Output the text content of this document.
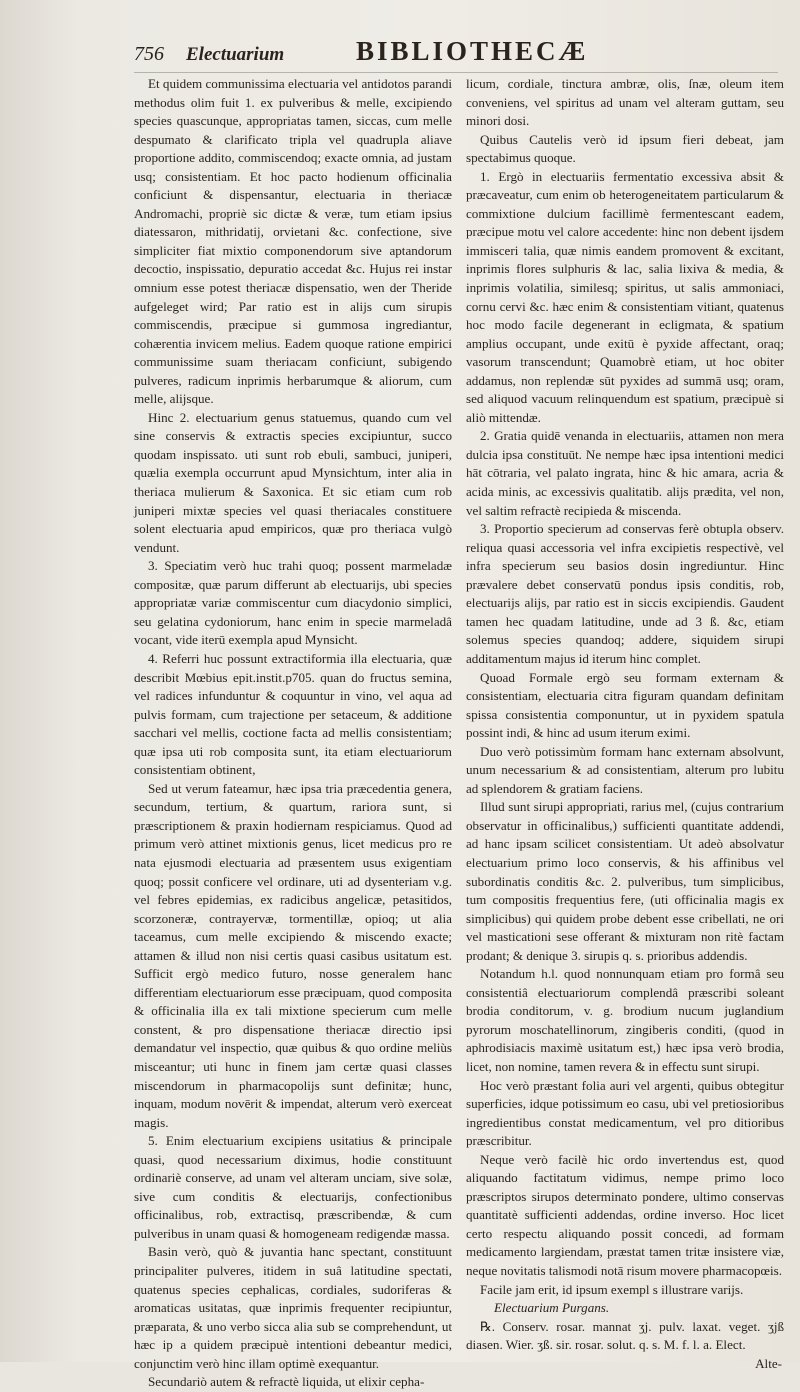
756	Electuarium	BIBLIOTHECÆ

Et quidem communissima electuaria vel antidotos parandi methodus olim fuit 1. ex pulveribus & melle, excipiendo species quascunque, appropriatas tamen, siccas, cum melle despumato & clarificato tripla vel quadrupla aliave proportione addito, commiscendoq; exacte omnia, ad justam usq; consistentiam. Et hoc pacto hodienum officinalia conficiunt & dispensantur, electuaria in theriacæ Andromachi, propriè sic dictæ & veræ, tum etiam ipsius diatessaron, mithridatij, orvietani &c. confectione, sive simpliciter fiat mixtio componendorum sive aptandorum decoctio, inspissatio, depuratio accedat &c. Hujus rei instar omnium esse potest theriacæ dispensatio, wen der Theride aufgeleget wird; Par ratio est in alijs cum sirupis commiscendis, præcipue si gummosa ingrediantur, cohærentia invicem melius. Eadem quoque ratione empirici communissime suam theriacam conficiunt, subigendo pulveres, radicum inprimis herbarumque & aliorum, cum melle, alijsque.

Hinc 2. electuarium genus statuemus, quando cum vel sine conservis & extractis species excipiuntur, succo quodam inspissato. uti sunt rob ebuli, sambuci, juniperi, quælia exempla occurrunt apud Mynsichtum, inter alia in theriaca mulierum & Saxonica. Et sic etiam cum rob juniperi mixtæ species vel quasi theriacales constituere solent electuaria apud empiricos, quæ pro theriaca vulgò vendunt.

3. Speciatim verò huc trahi quoq; possent marmeladæ compositæ, quæ parum differunt ab electuarijs, ubi species appropriatæ variæ commiscentur cum diacydonio simplici, seu gelatina cydoniorum, hanc enim in specie marmeladâ vocant, vide iterū exempla apud Mynsicht.

4. Referri huc possunt extractiformia illa electuaria, quæ describit Mœbius epit.instit.p705. quan do fructus semina, vel radices infunduntur & coquuntur in vino, vel aqua ad pulvis formam, cum trajectione per setaceum, & additione sacchari vel mellis, coctione facta ad mellis consistentiam; quæ ipsa uti rob composita sunt, ita etiam electuariorum consistentiam obtinent,

Sed ut verum fateamur, hæc ipsa tria præcedentia genera, secundum, tertium, & quartum, rariora sunt, si præscriptionem & praxin hodiernam respiciamus. Quod ad primum verò attinet mixtionis genus, licet medicus pro re nata ejusmodi electuaria ad præsentem usus exigentiam quoq; possit conficere vel ordinare, uti ad dysenteriam v.g. vel febres epidemias, ex radicibus angelicæ, petasitidos, scorzoneræ, contrayervæ, tormentillæ, opioq; ut alia taceamus, cum melle excipiendo & miscendo exacte; attamen & illud non nisi certis quasi casibus usitatum est. Sufficit ergò medico futuro, nosse generalem hanc differentiam electuariorum esse præcipuam, quod composita & officinalia illa ex tali mixtione specierum cum melle constent, & pro dispensatione theriacæ directio ipsi demandatur vel inspectio, quæ quibus & quo ordine meliùs misceantur; uti hunc in finem jam certæ quasi classes miscendorum in pharmacopolijs sunt definitæ; hunc, inquam, modum novērit & impendat, alterum verò exerceat magis.

5. Enim electuarium excipiens usitatius & principale quasi, quod necessarium diximus, hodie constituunt ordinariè conserve, ad unam vel alteram unciam, sive solæ, sive cum conditis & electuarijs, confectionibus officinalibus, rob, extractisq, præscribendæ, & cum pulveribus in unam quasi & homogeneam redigendæ massa.

Basin verò, quò & juvantia hanc spectant, constituunt principaliter pulveres, itidem in suâ latitudine spectati, quatenus species cephalicas, cordiales, sudoriferas & aromaticas usitatas, quæ inprimis frequenter recipiuntur, præparata, & uno verbo sicca alia sub se comprehendunt, ut hæc ip a quidem præcipuè intentioni debeantur medici, conjunctim verò hinc illam optimè exequantur.

Secundariò autem & refractè liquida, ut elixir cepha-

licum, cordiale, tinctura ambræ, olis, ſnæ, oleum item conveniens, vel spiritus ad unam vel alteram guttam, seu minori dosi.

Quibus Cautelis verò id ipsum fieri debeat, jam spectabimus quoque.

1. Ergò in electuariis fermentatio excessiva absit & præcaveatur, cum enim ob heterogeneitatem particularum & commixtione dulcium facillimè fermentescant eadem, præcipue motu vel calore accedente: hinc non debent ijsdem immisceri talia, quæ nimis eandem promovent & excitant, inprimis flores sulphuris & lac, salia lixiva & media, & inprimis volatilia, similesq; spiritus, ut salis ammoniaci, cornu cervi &c. hæc enim & consistentiam vitiant, quatenus hoc modo facile degenerant in ecligmata, & spatium amplius occupant, unde exitū è pyxide affectant, oraq; vasorum transcendunt; Quamobrè etiam, ut hoc obiter addamus, non replendæ sūt pyxides ad summā usq; oram, sed aliquod vacuum relinquendum est spatium, præcipuè si aliò mittendæ.

2. Gratia quidē venanda in electuariis, attamen non mera dulcia ipsa constituūt. Ne nempe hæc ipsa intentioni medici hāt cōtraria, vel palato ingrata, hinc & hic amara, acria & acida minis, ac excessivis qualitatib. alijs prædita, vel non, vel saltim refractè recipieda & miscenda.

3. Proportio specierum ad conservas ferè obtupla observ. reliqua quasi accessoria vel infra excipietis respectivè, vel infra specierum seu basios dosin ingrediuntur. Hinc prævalere debet conservatū pondus ipsis conditis, rob, electuarijs alijs, par ratio est in siccis excipiendis. Gaudent tamen hec quadam latitudine, unde ad 3 ß. &c, etiam solemus species quandoq; addere, siquidem sirupi additamentum majus id iterum hinc complet.

Quoad Formale ergò seu formam externam & consistentiam, electuaria citra figuram quandam definitam spissa consistentia componuntur, ut in pyxidem spatula possint indi, & hinc ad usum iterum eximi.

Duo verò potissimùm formam hanc externam absolvunt, unum necessarium & ad consistentiam, alterum pro lubitu ad splendorem & gratiam faciens.

Illud sunt sirupi appropriati, rarius mel, (cujus contrarium observatur in officinalibus,) sufficienti quantitate addendi, ad hanc ipsam scilicet consistentiam. Ut adeò absolvatur electuarium primo loco conservis, & his affinibus vel subordinatis conditis &c. 2. pulveribus, tum simplicibus, tum compositis frequentius fere, (uti officinalia magis ex simplicibus) qui quidem probe debent esse cribellati, ne ori vel masticationi sese offerant & mixturam non ritè factam prodant; & denique 3. sirupis q. s. prioribus addendis.

Notandum h.l. quod nonnunquam etiam pro formâ seu consistentiâ electuariorum complendâ præscribi soleant brodia conditorum, v. g. brodium nucum juglandium pyrorum moschatellinorum, zingiberis conditi, (quod in aphrodisiacis maximè usitatum est,) hæc ipsa verò brodia, licet, non nomine, tamen revera & in effectu sunt sirupi.

Hoc verò præstant folia auri vel argenti, quibus obtegitur superficies, idque potissimum eo casu, ubi vel pretiosioribus ingredientibus constat medicamentum, vel pro ditioribus præscribitur.

Neque verò facilè hic ordo invertendus est, quod aliquando factitatum vidimus, nempe primo loco præscriptos sirupos determinato pondere, ultimo conservas quantitatè sufficienti addendas, ordine inverso. Hoc licet certo respectu aliquando possit concedi, ad formam medicamento largiendam, præstat tamen tritæ insistere viæ, neque novitatis talismodi notā risum movere pharmacopœis.

Facile jam erit, id ipsum exempl s illustrare varijs.

Electuarium Purgans.

℞. Conserv. rosar. mannat ʒj. pulv. laxat. veget. ʒjß diasen. Wier. ʒß. sir. rosar. solut. q. s. M. f. l. a. Elect.

Alte-
